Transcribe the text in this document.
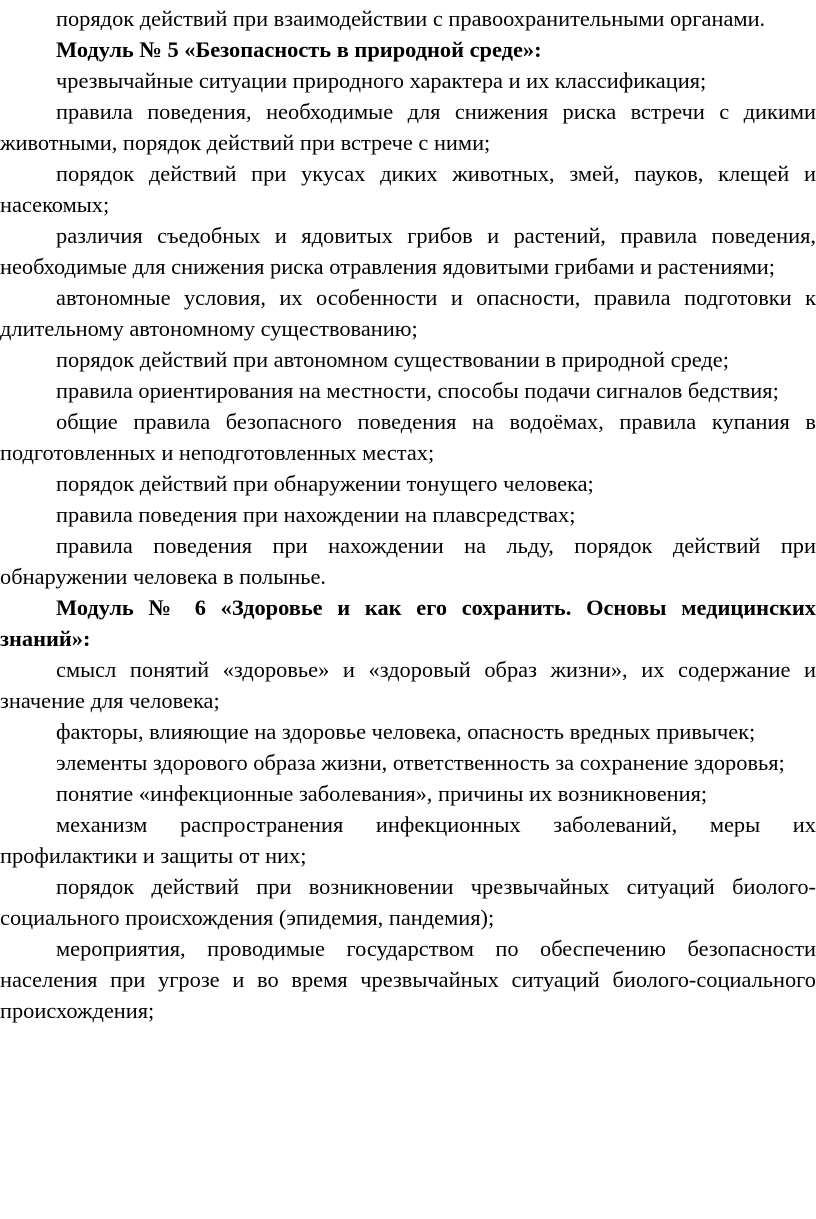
порядок действий при взаимодействии с правоохранительными органами.

Модуль № 5 «Безопасность в природной среде»:

чрезвычайные ситуации природного характера и их классификация;

правила поведения, необходимые для снижения риска встречи с дикими животными, порядок действий при встрече с ними;

порядок действий при укусах диких животных, змей, пауков, клещей и насекомых;

различия съедобных и ядовитых грибов и растений, правила поведения, необходимые для снижения риска отравления ядовитыми грибами и растениями;

автономные условия, их особенности и опасности, правила подготовки к длительному автономному существованию;

порядок действий при автономном существовании в природной среде;

правила ориентирования на местности, способы подачи сигналов бедствия;

общие правила безопасного поведения на водоёмах, правила купания в подготовленных и неподготовленных местах;

порядок действий при обнаружении тонущего человека;

правила поведения при нахождении на плавсредствах;

правила поведения при нахождении на льду, порядок действий при обнаружении человека в полынье.

Модуль № 6 «Здоровье и как его сохранить. Основы медицинских знаний»:

смысл понятий «здоровье» и «здоровый образ жизни», их содержание и значение для человека;

факторы, влияющие на здоровье человека, опасность вредных привычек;

элементы здорового образа жизни, ответственность за сохранение здоровья;

понятие «инфекционные заболевания», причины их возникновения;

механизм распространения инфекционных заболеваний, меры их профилактики и защиты от них;

порядок действий при возникновении чрезвычайных ситуаций биолого-социального происхождения (эпидемия, пандемия);

мероприятия, проводимые государством по обеспечению безопасности населения при угрозе и во время чрезвычайных ситуаций биолого-социального происхождения;
